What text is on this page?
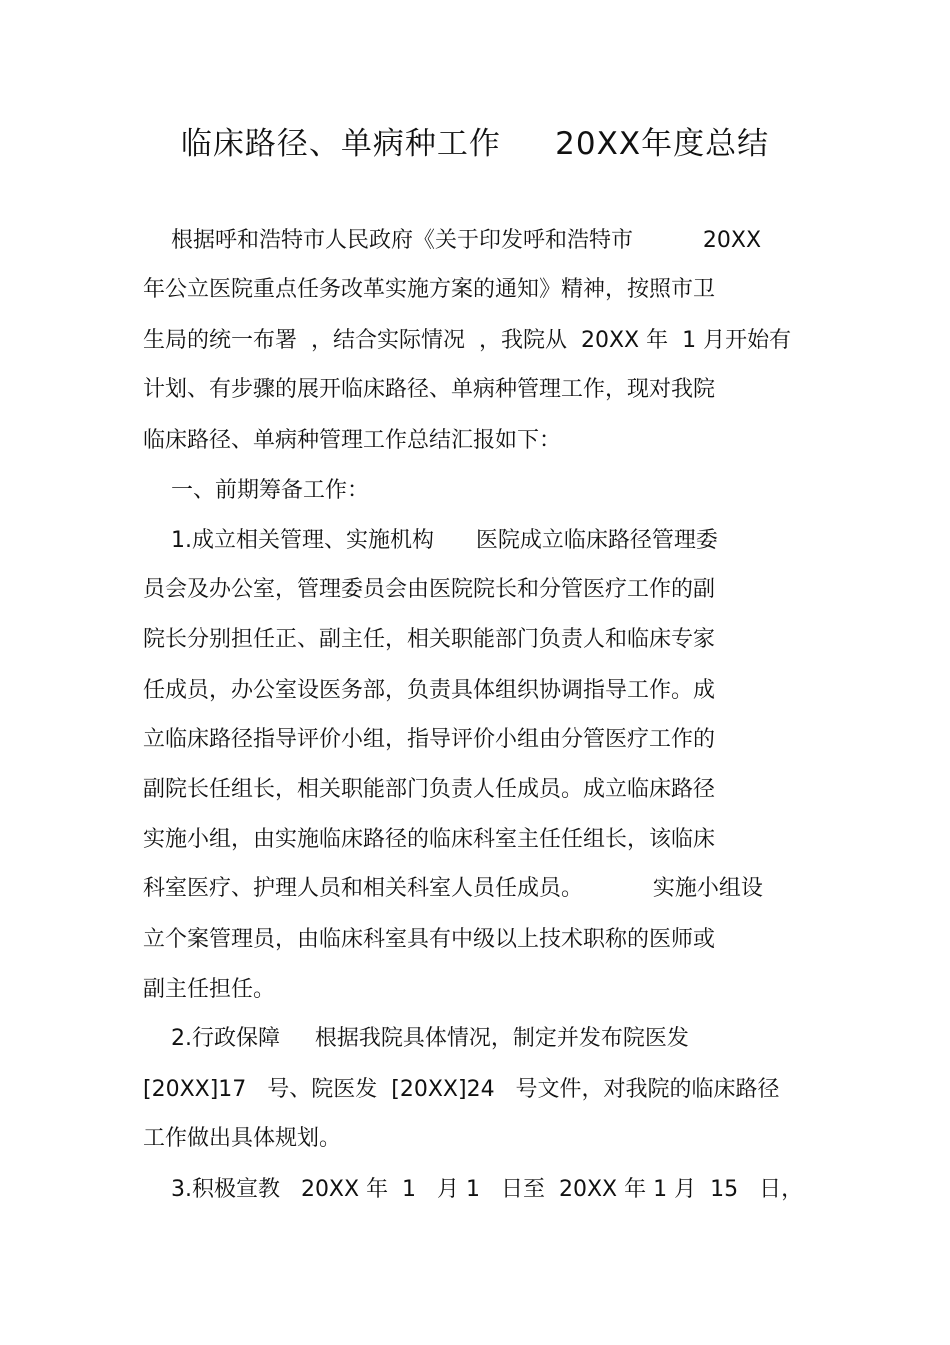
临床路径、单病种工作     20XX年度总结
根据呼和浩特市人民政府《关于印发呼和浩特市          20XX
年公立医院重点任务改革实施方案的通知》精神，按照市卫
生局的统一布署  ，结合实际情况  ，我院从  20XX 年  1 月开始有
计划、有步骤的展开临床路径、单病种管理工作，现对我院
临床路径、单病种管理工作总结汇报如下：
一、前期筹备工作：
1.成立相关管理、实施机构      医院成立临床路径管理委
员会及办公室，管理委员会由医院院长和分管医疗工作的副
院长分别担任正、副主任，相关职能部门负责人和临床专家
任成员，办公室设医务部，负责具体组织协调指导工作。成
立临床路径指导评价小组，指导评价小组由分管医疗工作的
副院长任组长，相关职能部门负责人任成员。成立临床路径
实施小组，由实施临床路径的临床科室主任任组长，该临床
科室医疗、护理人员和相关科室人员任成员。          实施小组设
立个案管理员，由临床科室具有中级以上技术职称的医师或
副主任担任。
2.行政保障     根据我院具体情况，制定并发布院医发
[20XX]17   号、院医发  [20XX]24   号文件，对我院的临床路径
工作做出具体规划。
3.积极宣教   20XX 年  1   月 1   日至  20XX 年 1 月  15   日，
